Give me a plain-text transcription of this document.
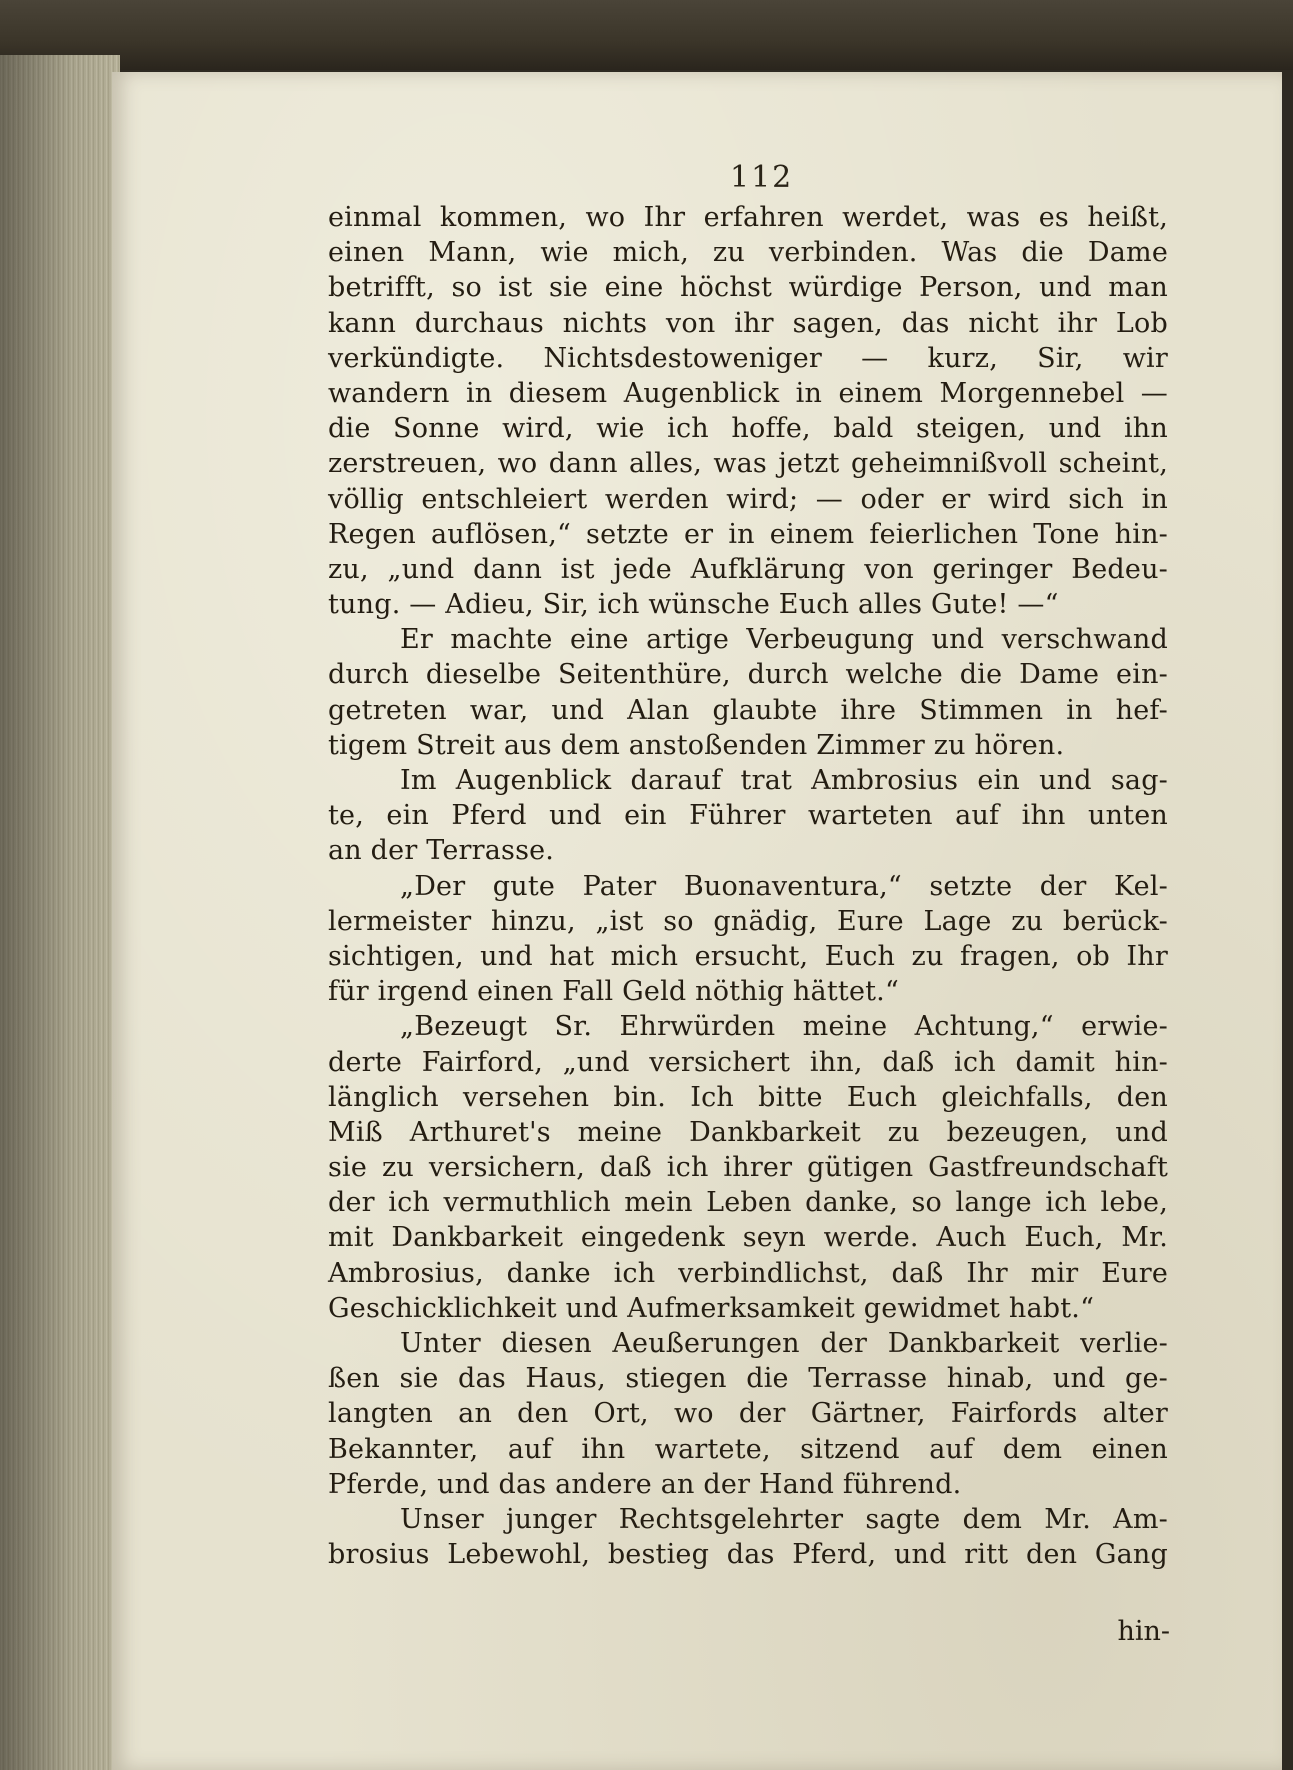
112
einmal kommen, wo Ihr erfahren werdet, was es heißt,
einen Mann, wie mich, zu verbinden. Was die Dame
betrifft, so ist sie eine höchst würdige Person, und man
kann durchaus nichts von ihr sagen, das nicht ihr Lob
verkündigte. Nichtsdestoweniger — kurz, Sir, wir
wandern in diesem Augenblick in einem Morgennebel —
die Sonne wird, wie ich hoffe, bald steigen, und ihn
zerstreuen, wo dann alles, was jetzt geheimnißvoll scheint,
völlig entschleiert werden wird; — oder er wird sich in
Regen auflösen,“ setzte er in einem feierlichen Tone hin-
zu, „und dann ist jede Aufklärung von geringer Bedeu-
tung. — Adieu, Sir, ich wünsche Euch alles Gute! —“
Er machte eine artige Verbeugung und verschwand
durch dieselbe Seitenthüre, durch welche die Dame ein-
getreten war, und Alan glaubte ihre Stimmen in hef-
tigem Streit aus dem anstoßenden Zimmer zu hören.
Im Augenblick darauf trat Ambrosius ein und sag-
te, ein Pferd und ein Führer warteten auf ihn unten
an der Terrasse.
„Der gute Pater Buonaventura,“ setzte der Kel-
lermeister hinzu, „ist so gnädig, Eure Lage zu berück-
sichtigen, und hat mich ersucht, Euch zu fragen, ob Ihr
für irgend einen Fall Geld nöthig hättet.“
„Bezeugt Sr. Ehrwürden meine Achtung,“ erwie-
derte Fairford, „und versichert ihn, daß ich damit hin-
länglich versehen bin. Ich bitte Euch gleichfalls, den
Miß Arthuret's meine Dankbarkeit zu bezeugen, und
sie zu versichern, daß ich ihrer gütigen Gastfreundschaft
der ich vermuthlich mein Leben danke, so lange ich lebe,
mit Dankbarkeit eingedenk seyn werde. Auch Euch, Mr.
Ambrosius, danke ich verbindlichst, daß Ihr mir Eure
Geschicklichkeit und Aufmerksamkeit gewidmet habt.“
Unter diesen Aeußerungen der Dankbarkeit verlie-
ßen sie das Haus, stiegen die Terrasse hinab, und ge-
langten an den Ort, wo der Gärtner, Fairfords alter
Bekannter, auf ihn wartete, sitzend auf dem einen
Pferde, und das andere an der Hand führend.
Unser junger Rechtsgelehrter sagte dem Mr. Am-
brosius Lebewohl, bestieg das Pferd, und ritt den Gang
hin-
